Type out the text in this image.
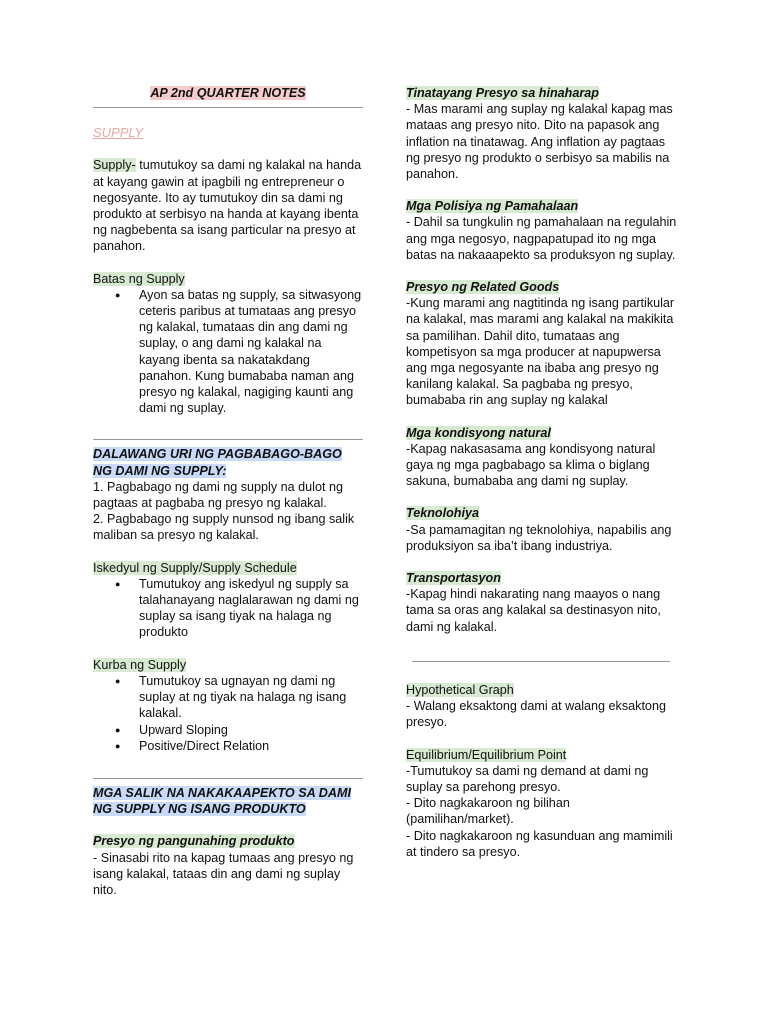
AP 2nd QUARTER NOTES

SUPPLY

Supply- tumutukoy sa dami ng kalakal na handa at kayang gawin at ipagbili ng entrepreneur o negosyante. Ito ay tumutukoy din sa dami ng produkto at serbisyo na handa at kayang ibenta ng nagbebenta sa isang particular na presyo at panahon.

Batas ng Supply

● Ayon sa batas ng supply, sa sitwasyong ceteris paribus at tumataas ang presyo ng kalakal, tumataas din ang dami ng suplay, o ang dami ng kalakal na kayang ibenta sa nakatakdang panahon. Kung bumababa naman ang presyo ng kalakal, nagiging kaunti ang dami ng suplay.

DALAWANG URI NG PAGBABAGO-BAGO NG DAMI NG SUPPLY:

1. Pagbabago ng dami ng supply na dulot ng pagtaas at pagbaba ng presyo ng kalakal.

2. Pagbabago ng supply nunsod ng ibang salik maliban sa presyo ng kalakal.

Iskedyul ng Supply/Supply Schedule

● Tumutukoy ang iskedyul ng supply sa talahanayang naglalarawan ng dami ng suplay sa isang tiyak na halaga ng produkto

Kurba ng Supply

● Tumutukoy sa ugnayan ng dami ng suplay at ng tiyak na halaga ng isang kalakal.
● Upward Sloping
● Positive/Direct Relation

MGA SALIK NA NAKAKAAPEKTO SA DAMI NG SUPPLY NG ISANG PRODUKTO

Presyo ng pangunahing produkto

- Sinasabi rito na kapag tumaas ang presyo ng isang kalakal, tataas din ang dami ng suplay nito.

Tinatayang Presyo sa hinaharap

- Mas marami ang suplay ng kalakal kapag mas mataas ang presyo nito. Dito na papasok ang inflation na tinatawag. Ang inflation ay pagtaas ng presyo ng produkto o serbisyo sa mabilis na panahon.

Mga Polisiya ng Pamahalaan

- Dahil sa tungkulin ng pamahalaan na regulahin ang mga negosyo, nagpapatupad ito ng mga batas na nakaaapekto sa produksyon ng suplay.

Presyo ng Related Goods

-Kung marami ang nagtitinda ng isang partikular na kalakal, mas marami ang kalakal na makikita sa pamilihan. Dahil dito, tumataas ang kompetisyon sa mga producer at napupwersa ang mga negosyante na ibaba ang presyo ng kanilang kalakal. Sa pagbaba ng presyo, bumababa rin ang suplay ng kalakal

Mga kondisyong natural

-Kapag nakasasama ang kondisyong natural gaya ng mga pagbabago sa klima o biglang sakuna, bumababa ang dami ng suplay.

Teknolohiya

-Sa pamamagitan ng teknolohiya, napabilis ang produksiyon sa iba’t ibang industriya.

Transportasyon

-Kapag hindi nakarating nang maayos o nang tama sa oras ang kalakal sa destinasyon nito, dami ng kalakal.

Hypothetical Graph

- Walang eksaktong dami at walang eksaktong presyo.

Equilibrium/Equilibrium Point

-Tumutukoy sa dami ng demand at dami ng suplay sa parehong presyo.

- Dito nagkakaroon ng bilihan (pamilihan/market).

- Dito nagkakaroon ng kasunduan ang mamimili at tindero sa presyo.
